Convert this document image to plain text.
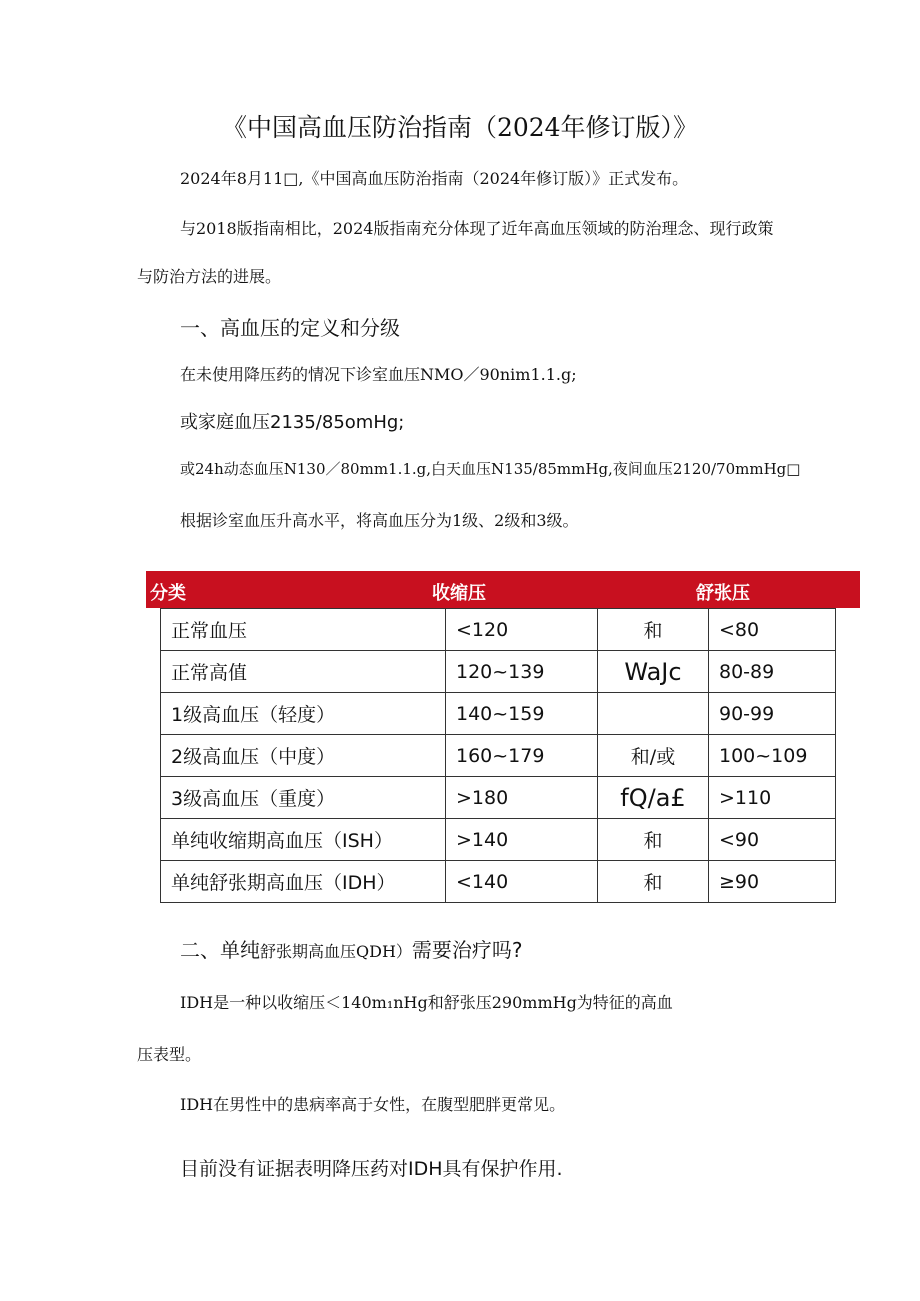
《中国高血压防治指南（2024年修订版）》
2024年8月11□,《中国高血压防治指南（2024年修订版）》正式发布。
与2018版指南相比，2024版指南充分体现了近年高血压领域的防治理念、现行政策
与防治方法的进展。
一、高血压的定义和分级
在未使用降压药的情况下诊室血压NMO／90nim1.1.g;
或家庭血压2135/85omHg;
或24h动态血压N130／80mm1.1.g,白天血压N135/85mmHg,夜间血压2120/70mmHg□
根据诊室血压升高水平，将高血压分为1级、2级和3级。
分类	收缩压	舒张压
正常血压	<120	和	<80
正常高值	120~139	WaJc	80-89
1级高血压（轻度）	140~159		90-99
2级高血压（中度）	160~179	和/或	100~109
3级高血压（重度）	>180	fQ/a£	>110
单纯收缩期高血压（ISH）	>140	和	<90
单纯舒张期高血压（IDH）	<140	和	≥90
二、单纯舒张期高血压QDH）需要治疗吗?
IDH是一种以收缩压＜140m₁nHg和舒张压290mmHg为特征的高血
压表型。
IDH在男性中的患病率高于女性，在腹型肥胖更常见。
目前没有证据表明降压药对IDH具有保护作用.
